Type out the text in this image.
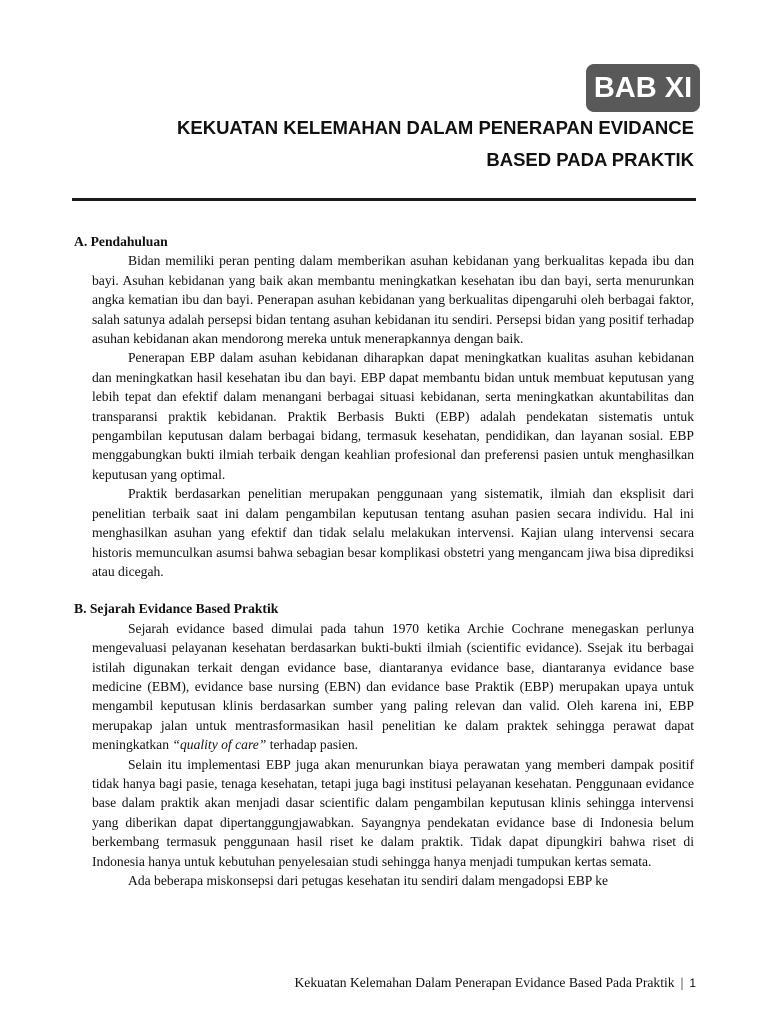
BAB XI
KEKUATAN KELEMAHAN DALAM PENERAPAN EVIDANCE
BASED PADA PRAKTIK
A. Pendahuluan

Bidan memiliki peran penting dalam memberikan asuhan kebidanan yang berkualitas kepada ibu dan bayi. Asuhan kebidanan yang baik akan membantu meningkatkan kesehatan ibu dan bayi, serta menurunkan angka kematian ibu dan bayi. Penerapan asuhan kebidanan yang berkualitas dipengaruhi oleh berbagai faktor, salah satunya adalah persepsi bidan tentang asuhan kebidanan itu sendiri. Persepsi bidan yang positif terhadap asuhan kebidanan akan mendorong mereka untuk menerapkannya dengan baik.

Penerapan EBP dalam asuhan kebidanan diharapkan dapat meningkatkan kualitas asuhan kebidanan dan meningkatkan hasil kesehatan ibu dan bayi. EBP dapat membantu bidan untuk membuat keputusan yang lebih tepat dan efektif dalam menangani berbagai situasi kebidanan, serta meningkatkan akuntabilitas dan transparansi praktik kebidanan. Praktik Berbasis Bukti (EBP) adalah pendekatan sistematis untuk pengambilan keputusan dalam berbagai bidang, termasuk kesehatan, pendidikan, dan layanan sosial. EBP menggabungkan bukti ilmiah terbaik dengan keahlian profesional dan preferensi pasien untuk menghasilkan keputusan yang optimal.

Praktik berdasarkan penelitian merupakan penggunaan yang sistematik, ilmiah dan eksplisit dari penelitian terbaik saat ini dalam pengambilan keputusan tentang asuhan pasien secara individu. Hal ini menghasilkan asuhan yang efektif dan tidak selalu melakukan intervensi. Kajian ulang intervensi secara historis memunculkan asumsi bahwa sebagian besar komplikasi obstetri yang mengancam jiwa bisa diprediksi atau dicegah.

B. Sejarah Evidance Based Praktik

Sejarah evidance based dimulai pada tahun 1970 ketika Archie Cochrane menegaskan perlunya mengevaluasi pelayanan kesehatan berdasarkan bukti-bukti ilmiah (scientific evidance). Ssejak itu berbagai istilah digunakan terkait dengan evidance base, diantaranya evidance base, diantaranya evidance base medicine (EBM), evidance base nursing (EBN) dan evidance base Praktik (EBP) merupakan upaya untuk mengambil keputusan klinis berdasarkan sumber yang paling relevan dan valid. Oleh karena ini, EBP merupakap jalan untuk mentrasformasikan hasil penelitian ke dalam praktek sehingga perawat dapat meningkatkan “quality of care” terhadap pasien.

Selain itu implementasi EBP juga akan menurunkan biaya perawatan yang memberi dampak positif tidak hanya bagi pasie, tenaga kesehatan, tetapi juga bagi institusi pelayanan kesehatan. Penggunaan evidance base dalam praktik akan menjadi dasar scientific dalam pengambilan keputusan klinis sehingga intervensi yang diberikan dapat dipertanggungjawabkan. Sayangnya pendekatan evidance base di Indonesia belum berkembang termasuk penggunaan hasil riset ke dalam praktik. Tidak dapat dipungkiri bahwa riset di Indonesia hanya untuk kebutuhan penyelesaian studi sehingga hanya menjadi tumpukan kertas semata.

Ada beberapa miskonsepsi dari petugas kesehatan itu sendiri dalam mengadopsi EBP ke

Kekuatan Kelemahan Dalam Penerapan Evidance Based Pada Praktik | 1
